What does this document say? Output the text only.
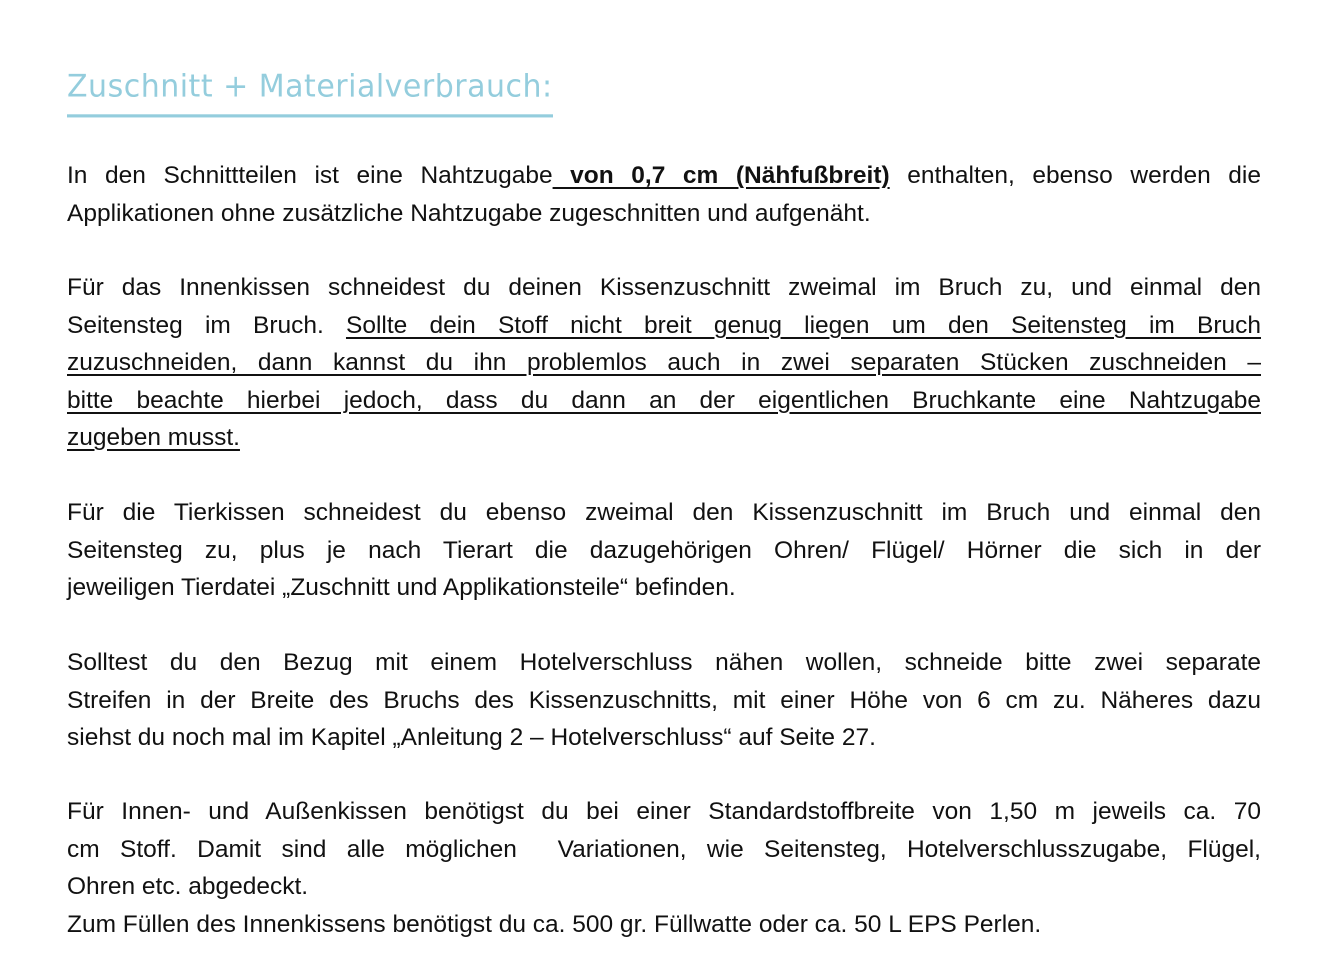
Zuschnitt + Materialverbrauch:
In den Schnittteilen ist eine Nahtzugabe von 0,7 cm (Nähfußbreit) enthalten, ebenso werden die
Applikationen ohne zusätzliche Nahtzugabe zugeschnitten und aufgenäht.
Für das Innenkissen schneidest du deinen Kissenzuschnitt zweimal im Bruch zu, und einmal den
Seitensteg im Bruch. Sollte dein Stoff nicht breit genug liegen um den Seitensteg im Bruch
zuzuschneiden, dann kannst du ihn problemlos auch in zwei separaten Stücken zuschneiden –
bitte beachte hierbei jedoch, dass du dann an der eigentlichen Bruchkante eine Nahtzugabe
zugeben musst.
Für die Tierkissen schneidest du ebenso zweimal den Kissenzuschnitt im Bruch und einmal den
Seitensteg zu, plus je nach Tierart die dazugehörigen Ohren/ Flügel/ Hörner die sich in der
jeweiligen Tierdatei „Zuschnitt und Applikationsteile“ befinden.
Solltest du den Bezug mit einem Hotelverschluss nähen wollen, schneide bitte zwei separate
Streifen in der Breite des Bruchs des Kissenzuschnitts, mit einer Höhe von 6 cm zu. Näheres dazu
siehst du noch mal im Kapitel „Anleitung 2 – Hotelverschluss“ auf Seite 27.
Für Innen- und Außenkissen benötigst du bei einer Standardstoffbreite von 1,50 m jeweils ca. 70
cm Stoff. Damit sind alle möglichen  Variationen, wie Seitensteg, Hotelverschlusszugabe, Flügel,
Ohren etc. abgedeckt.
Zum Füllen des Innenkissens benötigst du ca. 500 gr. Füllwatte oder ca. 50 L EPS Perlen.
